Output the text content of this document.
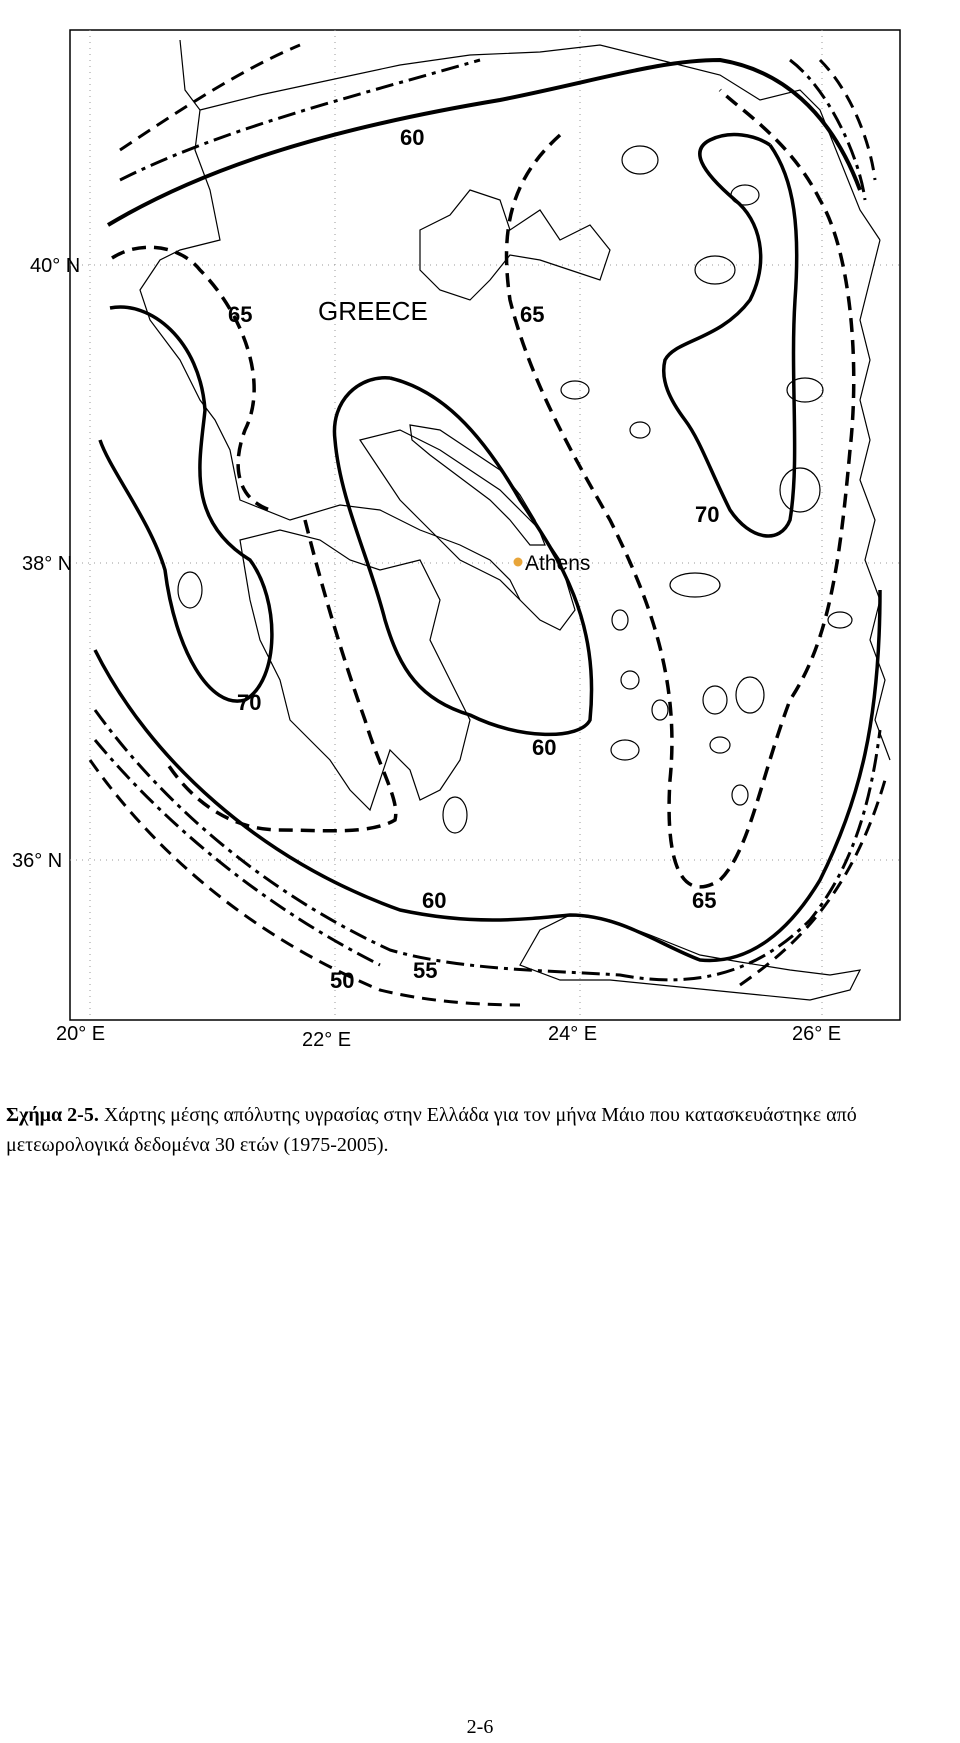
GREECE
Athens
40° N
38° N
36° N
20° E	22° E	24° E	26° E
60
65	65
70
70
60
60
55
50
65
Σχήμα 2-5. Χάρτης μέσης απόλυτης υγρασίας στην Ελλάδα για τον μήνα Μάιο που κατασκευάστηκε από μετεωρολογικά δεδομένα 30 ετών (1975-2005).
2-6
